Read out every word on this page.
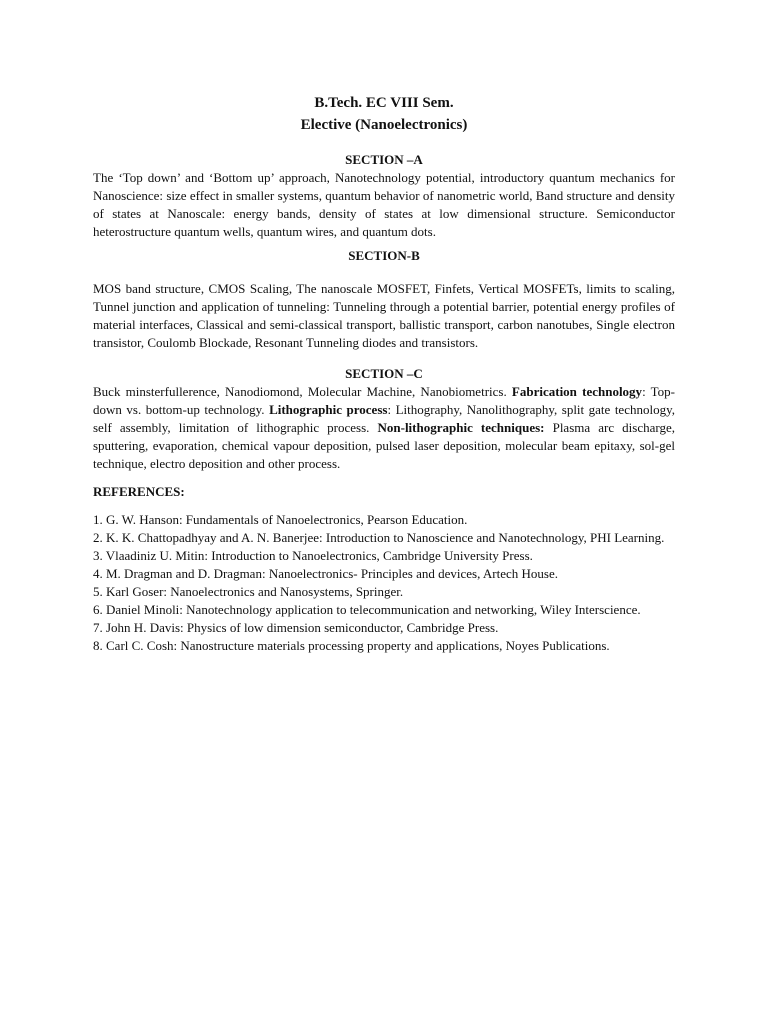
B.Tech. EC VIII Sem.
Elective (Nanoelectronics)
SECTION –A
The ‘Top down’ and ‘Bottom up’ approach, Nanotechnology potential, introductory quantum mechanics for Nanoscience: size effect in smaller systems, quantum behavior of nanometric world, Band structure and density of states at Nanoscale: energy bands, density of states at low dimensional structure. Semiconductor heterostructure quantum wells, quantum wires, and quantum dots.
SECTION-B
MOS band structure, CMOS Scaling, The nanoscale MOSFET, Finfets, Vertical MOSFETs, limits to scaling, Tunnel junction and application of tunneling: Tunneling through a potential barrier, potential energy profiles of material interfaces, Classical and semi-classical transport, ballistic transport, carbon nanotubes, Single electron transistor, Coulomb Blockade, Resonant Tunneling diodes and transistors.
SECTION –C
Buck minsterfullerence, Nanodiomond, Molecular Machine, Nanobiometrics. Fabrication technology: Top-down vs. bottom-up technology. Lithographic process: Lithography, Nanolithography, split gate technology, self assembly, limitation of lithographic process. Non-lithographic techniques: Plasma arc discharge, sputtering, evaporation, chemical vapour deposition, pulsed laser deposition, molecular beam epitaxy, sol-gel technique, electro deposition and other process.
REFERENCES:

1. G. W. Hanson: Fundamentals of Nanoelectronics, Pearson Education.

2. K. K. Chattopadhyay and A. N. Banerjee: Introduction to Nanoscience and Nanotechnology, PHI Learning.

3. Vlaadiniz U. Mitin: Introduction to Nanoelectronics, Cambridge University Press.

4. M. Dragman and D. Dragman: Nanoelectronics- Principles and devices, Artech House.

5. Karl Goser: Nanoelectronics and Nanosystems, Springer.

6. Daniel Minoli: Nanotechnology application to telecommunication and networking, Wiley Interscience.

7. John H. Davis: Physics of low dimension semiconductor, Cambridge Press.

8. Carl C. Cosh: Nanostructure materials processing property and applications, Noyes Publications.
